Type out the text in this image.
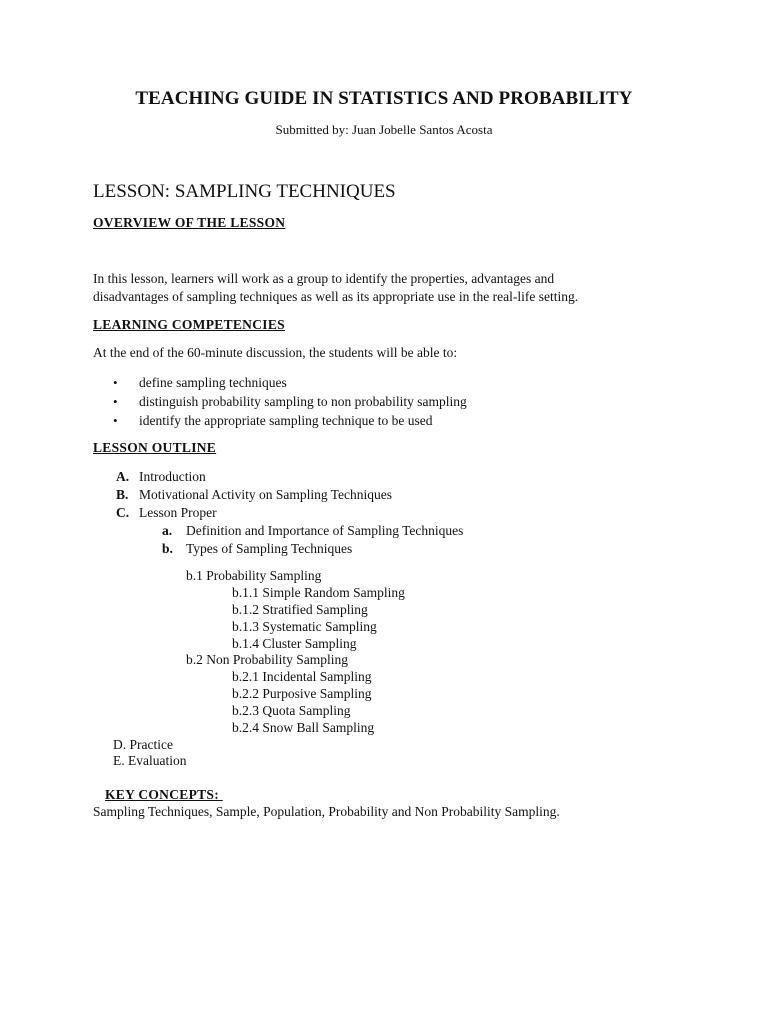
TEACHING GUIDE IN STATISTICS AND PROBABILITY
Submitted by: Juan Jobelle Santos Acosta
LESSON: SAMPLING TECHNIQUES
OVERVIEW OF THE LESSON
In this lesson, learners will work as a group to identify the properties, advantages and
disadvantages of sampling techniques as well as its appropriate use in the real-life setting.
LEARNING COMPETENCIES
At the end of the 60-minute discussion, the students will be able to:
• define sampling techniques
• distinguish probability sampling to non probability sampling
• identify the appropriate sampling technique to be used
LESSON OUTLINE
A. Introduction
B. Motivational Activity on Sampling Techniques
C. Lesson Proper
a. Definition and Importance of Sampling Techniques
b. Types of Sampling Techniques
b.1 Probability Sampling
b.1.1 Simple Random Sampling
b.1.2 Stratified Sampling
b.1.3 Systematic Sampling
b.1.4 Cluster Sampling
b.2 Non Probability Sampling
b.2.1 Incidental Sampling
b.2.2 Purposive Sampling
b.2.3 Quota Sampling
b.2.4 Snow Ball Sampling
D. Practice
E. Evaluation
KEY CONCEPTS:
Sampling Techniques, Sample, Population, Probability and Non Probability Sampling.
